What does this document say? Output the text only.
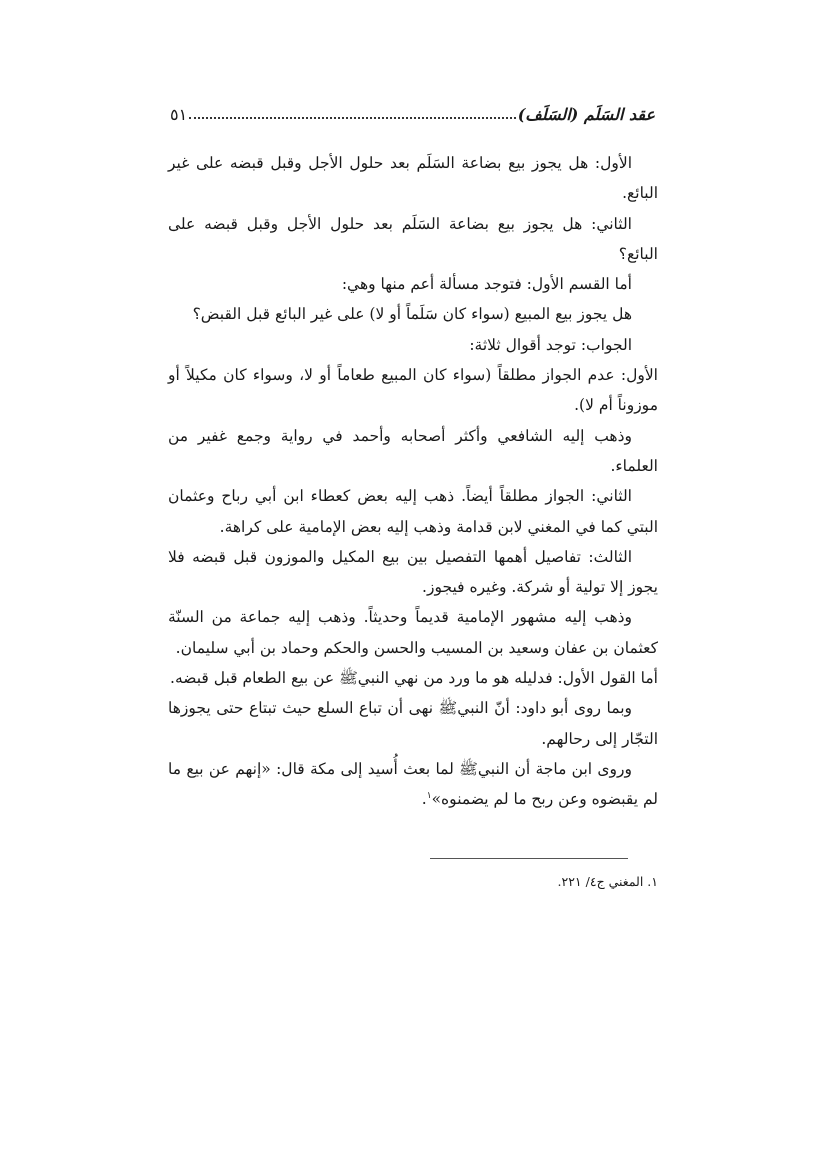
عقد السَلَم (السَلَف)
٥١

الأول: هل يجوز بيع بضاعة السَلَم بعد حلول الأجل وقبل قبضه على غير البائع.

الثاني: هل يجوز بيع بضاعة السَلَم بعد حلول الأجل وقبل قبضه على البائع؟

أما القسم الأول: فتوجد مسألة أعم منها وهي:

هل يجوز بيع المبيع (سواء كان سَلَماً أو لا) على غير البائع قبل القبض؟

الجواب: توجد أقوال ثلاثة:

الأول: عدم الجواز مطلقاً (سواء كان المبيع طعاماً أو لا، وسواء كان مكيلاً أو موزوناً أم لا).

وذهب إليه الشافعي وأكثر أصحابه وأحمد في رواية وجمع غفير من العلماء.

الثاني: الجواز مطلقاً أيضاً. ذهب إليه بعض كعطاء ابن أبي رباح وعثمان البتي كما في المغني لابن قدامة وذهب إليه بعض الإمامية على كراهة.

الثالث: تفاصيل أهمها التفصيل بين بيع المكيل والموزون قبل قبضه فلا يجوز إلا تولية أو شركة. وغيره فيجوز.

وذهب إليه مشهور الإمامية قديماً وحديثاً. وذهب إليه جماعة من السنّة كعثمان بن عفان وسعيد بن المسيب والحسن والحكم وحماد بن أبي سليمان.

أما القول الأول: فدليله هو ما ورد من نهي النبيﷺ عن بيع الطعام قبل قبضه.

وبما روى أبو داود: أنّ النبيﷺ نهى أن تباع السلع حيث تبتاع حتى يجوزها التجّار إلى رحالهم.

وروى ابن ماجة أن النبيﷺ لما بعث أُسيد إلى مكة قال: «إنهم عن بيع ما لم يقبضوه وعن ربح ما لم يضمنوه»$^١$.

١. المغني ج٤/ ٢٢١.
